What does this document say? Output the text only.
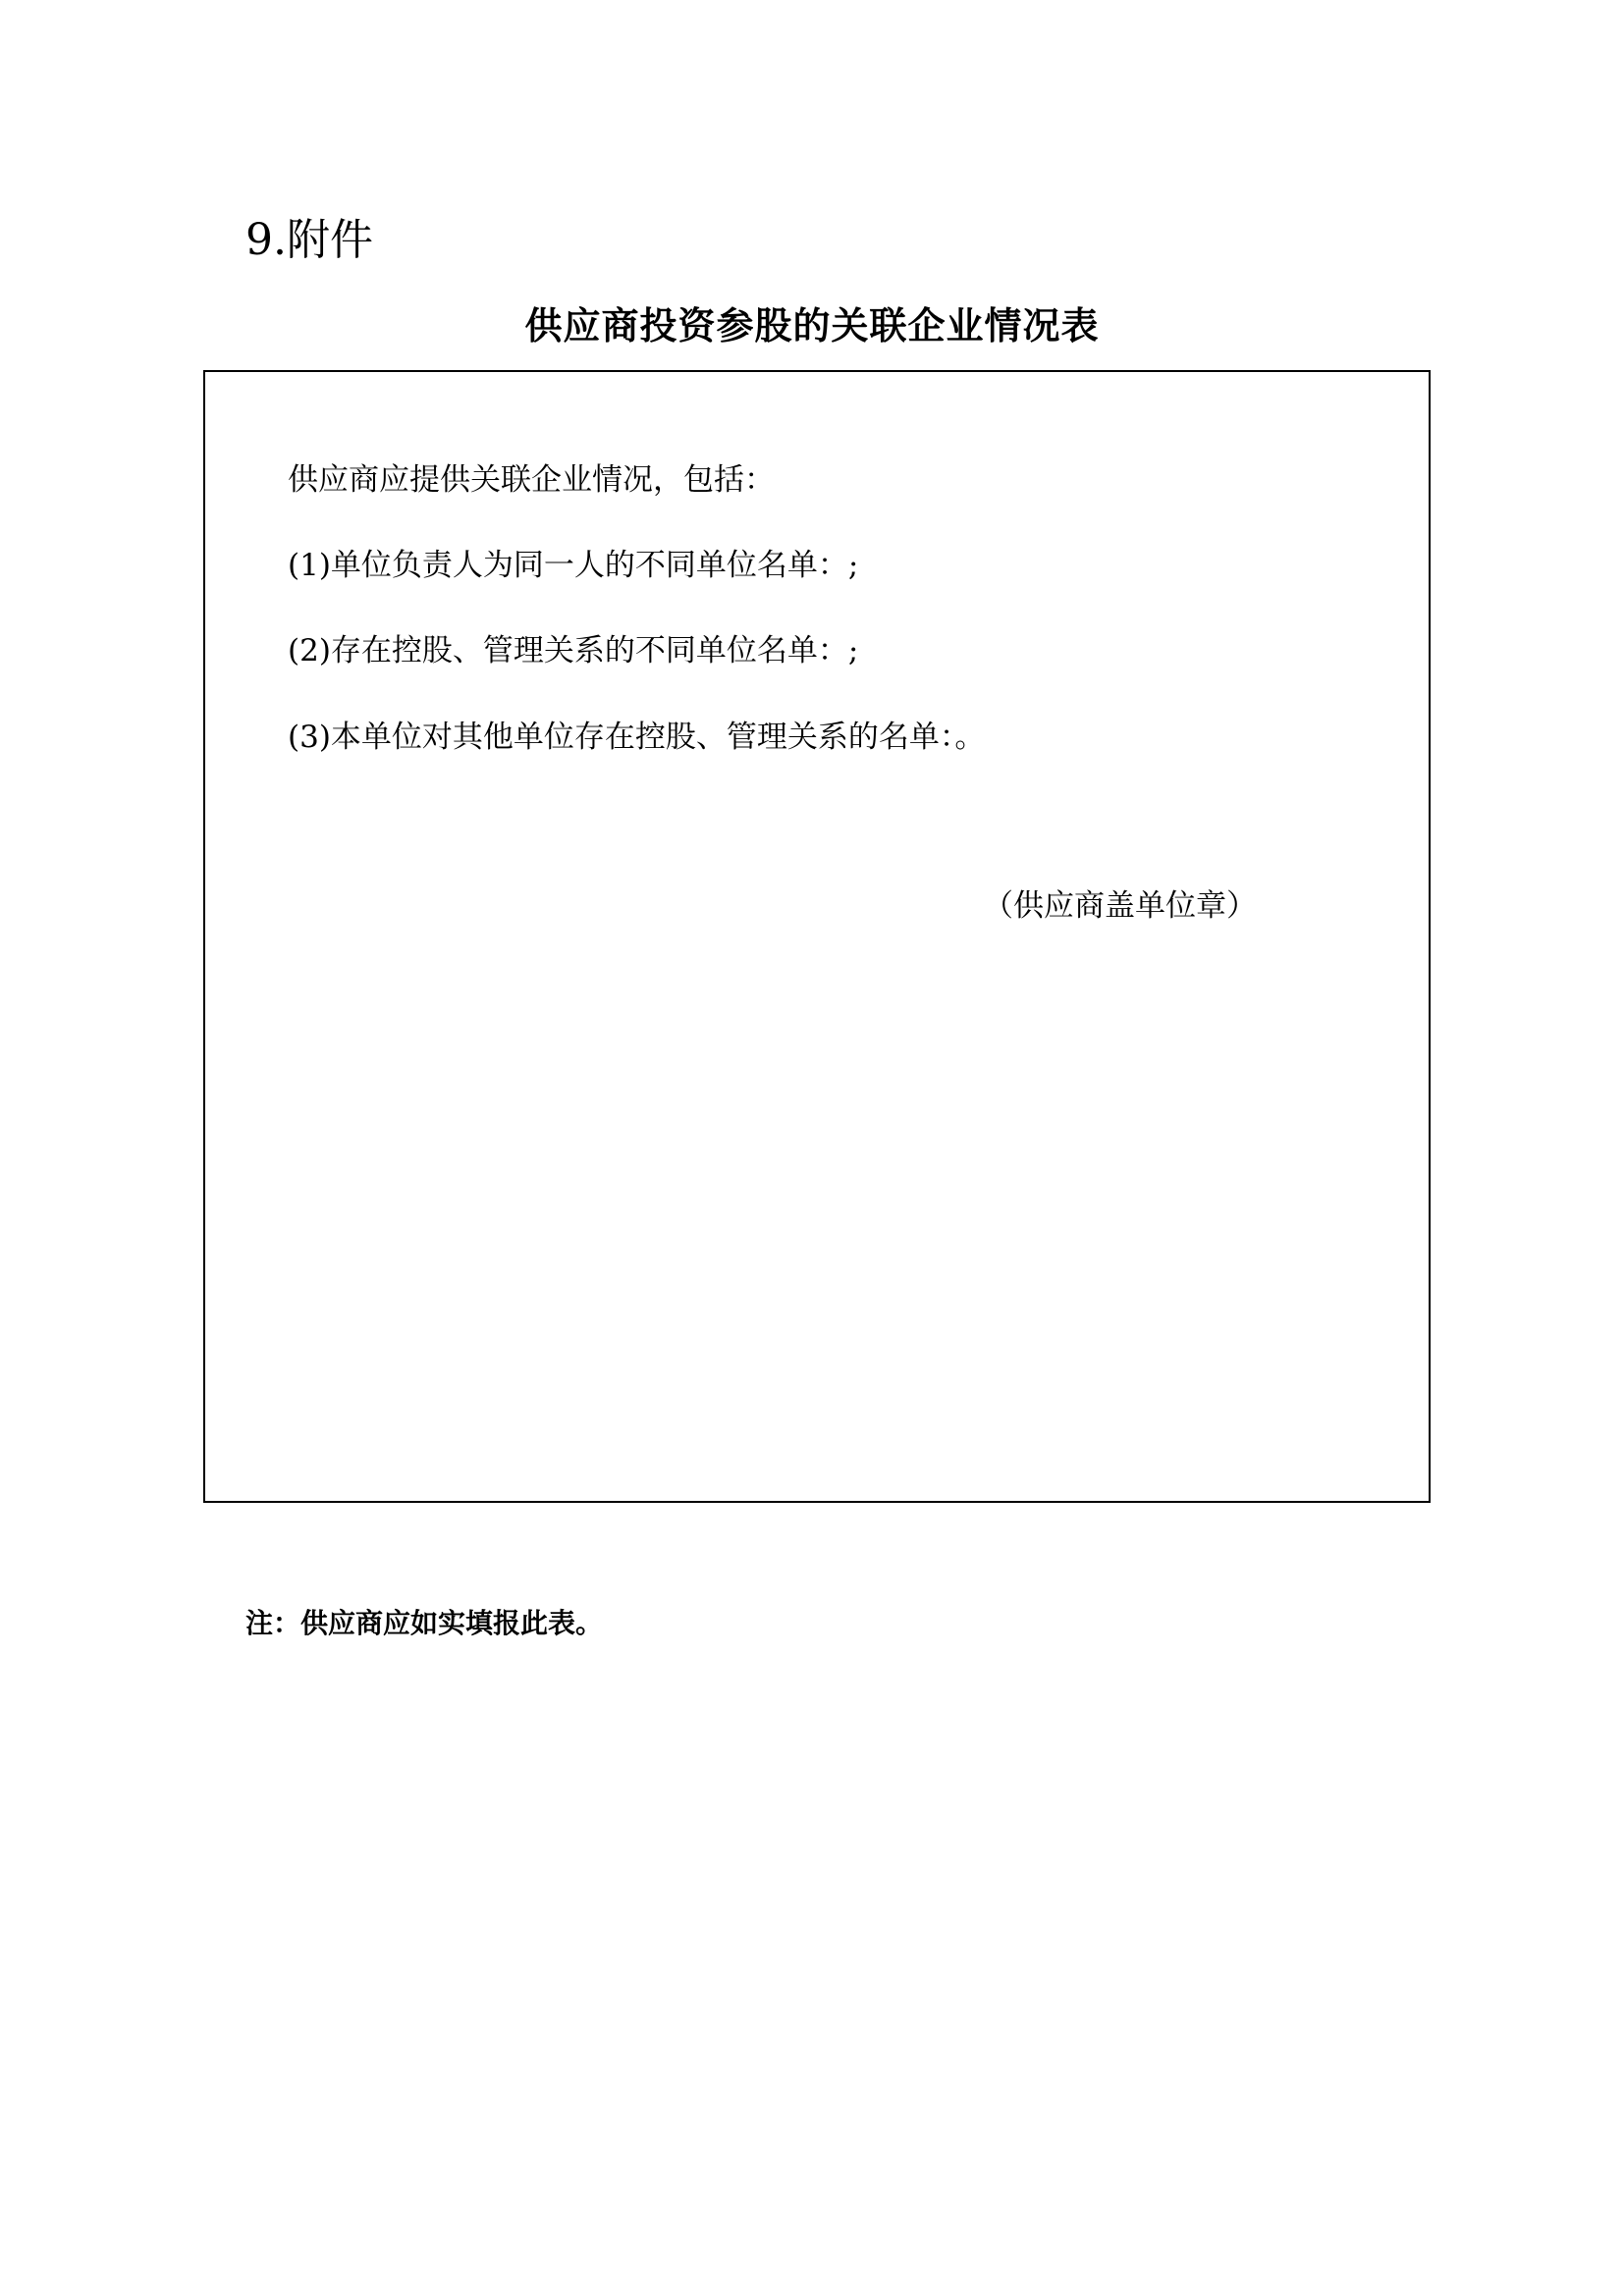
9.附件
供应商投资参股的关联企业情况表
供应商应提供关联企业情况，包括：
(1)单位负责人为同一人的不同单位名单：;
(2)存在控股、管理关系的不同单位名单：;
(3)本单位对其他单位存在控股、管理关系的名单：。
（供应商盖单位章）
注：供应商应如实填报此表。
